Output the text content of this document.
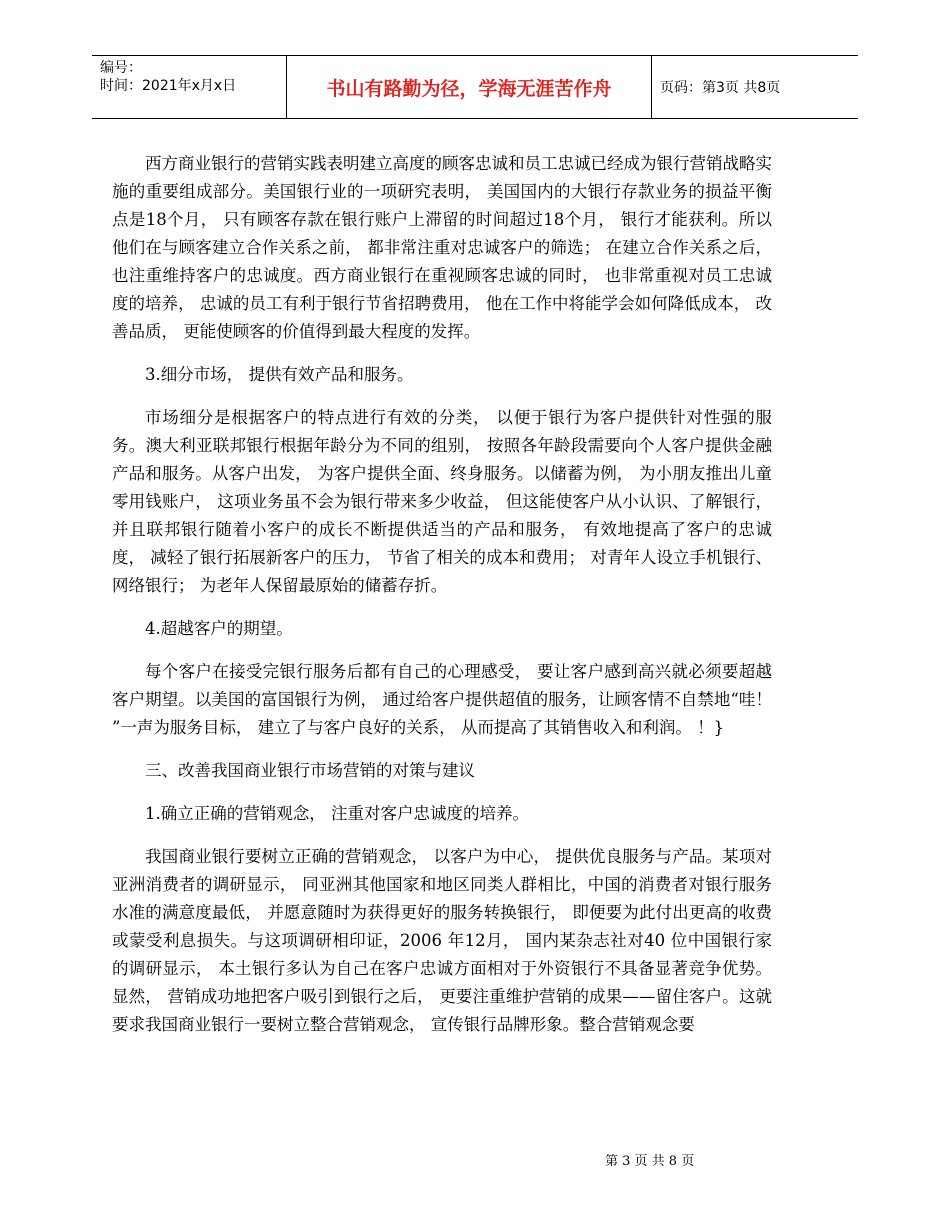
编号：
时间：2021年x月x日	书山有路勤为径，学海无涯苦作舟	页码：第3页 共8页

西方商业银行的营销实践表明建立高度的顾客忠诚和员工忠诚已经成为银行营销战略实施的重要组成部分。美国银行业的一项研究表明， 美国国内的大银行存款业务的损益平衡点是18个月， 只有顾客存款在银行账户上滞留的时间超过18个月， 银行才能获利。所以他们在与顾客建立合作关系之前， 都非常注重对忠诚客户的筛选； 在建立合作关系之后， 也注重维持客户的忠诚度。西方商业银行在重视顾客忠诚的同时， 也非常重视对员工忠诚度的培养， 忠诚的员工有利于银行节省招聘费用， 他在工作中将能学会如何降低成本， 改善品质， 更能使顾客的价值得到最大程度的发挥。

3.细分市场， 提供有效产品和服务。

市场细分是根据客户的特点进行有效的分类， 以便于银行为客户提供针对性强的服务。澳大利亚联邦银行根据年龄分为不同的组别， 按照各年龄段需要向个人客户提供金融产品和服务。从客户出发， 为客户提供全面、终身服务。以储蓄为例， 为小朋友推出儿童零用钱账户， 这项业务虽不会为银行带来多少收益， 但这能使客户从小认识、了解银行， 并且联邦银行随着小客户的成长不断提供适当的产品和服务， 有效地提高了客户的忠诚度， 减轻了银行拓展新客户的压力， 节省了相关的成本和费用； 对青年人设立手机银行、网络银行； 为老年人保留最原始的储蓄存折。

4.超越客户的期望。

每个客户在接受完银行服务后都有自己的心理感受， 要让客户感到高兴就必须要超越客户期望。以美国的富国银行为例， 通过给客户提供超值的服务，让顾客情不自禁地“哇！ ”一声为服务目标， 建立了与客户良好的关系， 从而提高了其销售收入和利润。 ！}

三、改善我国商业银行市场营销的对策与建议

1.确立正确的营销观念， 注重对客户忠诚度的培养。

我国商业银行要树立正确的营销观念， 以客户为中心， 提供优良服务与产品。某项对亚洲消费者的调研显示， 同亚洲其他国家和地区同类人群相比，中国的消费者对银行服务水准的满意度最低， 并愿意随时为获得更好的服务转换银行， 即便要为此付出更高的收费或蒙受利息损失。与这项调研相印证，2006 年12月， 国内某杂志社对40 位中国银行家的调研显示， 本土银行多认为自己在客户忠诚方面相对于外资银行不具备显著竞争优势。显然， 营销成功地把客户吸引到银行之后， 更要注重维护营销的成果——留住客户。这就要求我国商业银行一要树立整合营销观念， 宣传银行品牌形象。整合营销观念要

第 3 页 共 8 页
